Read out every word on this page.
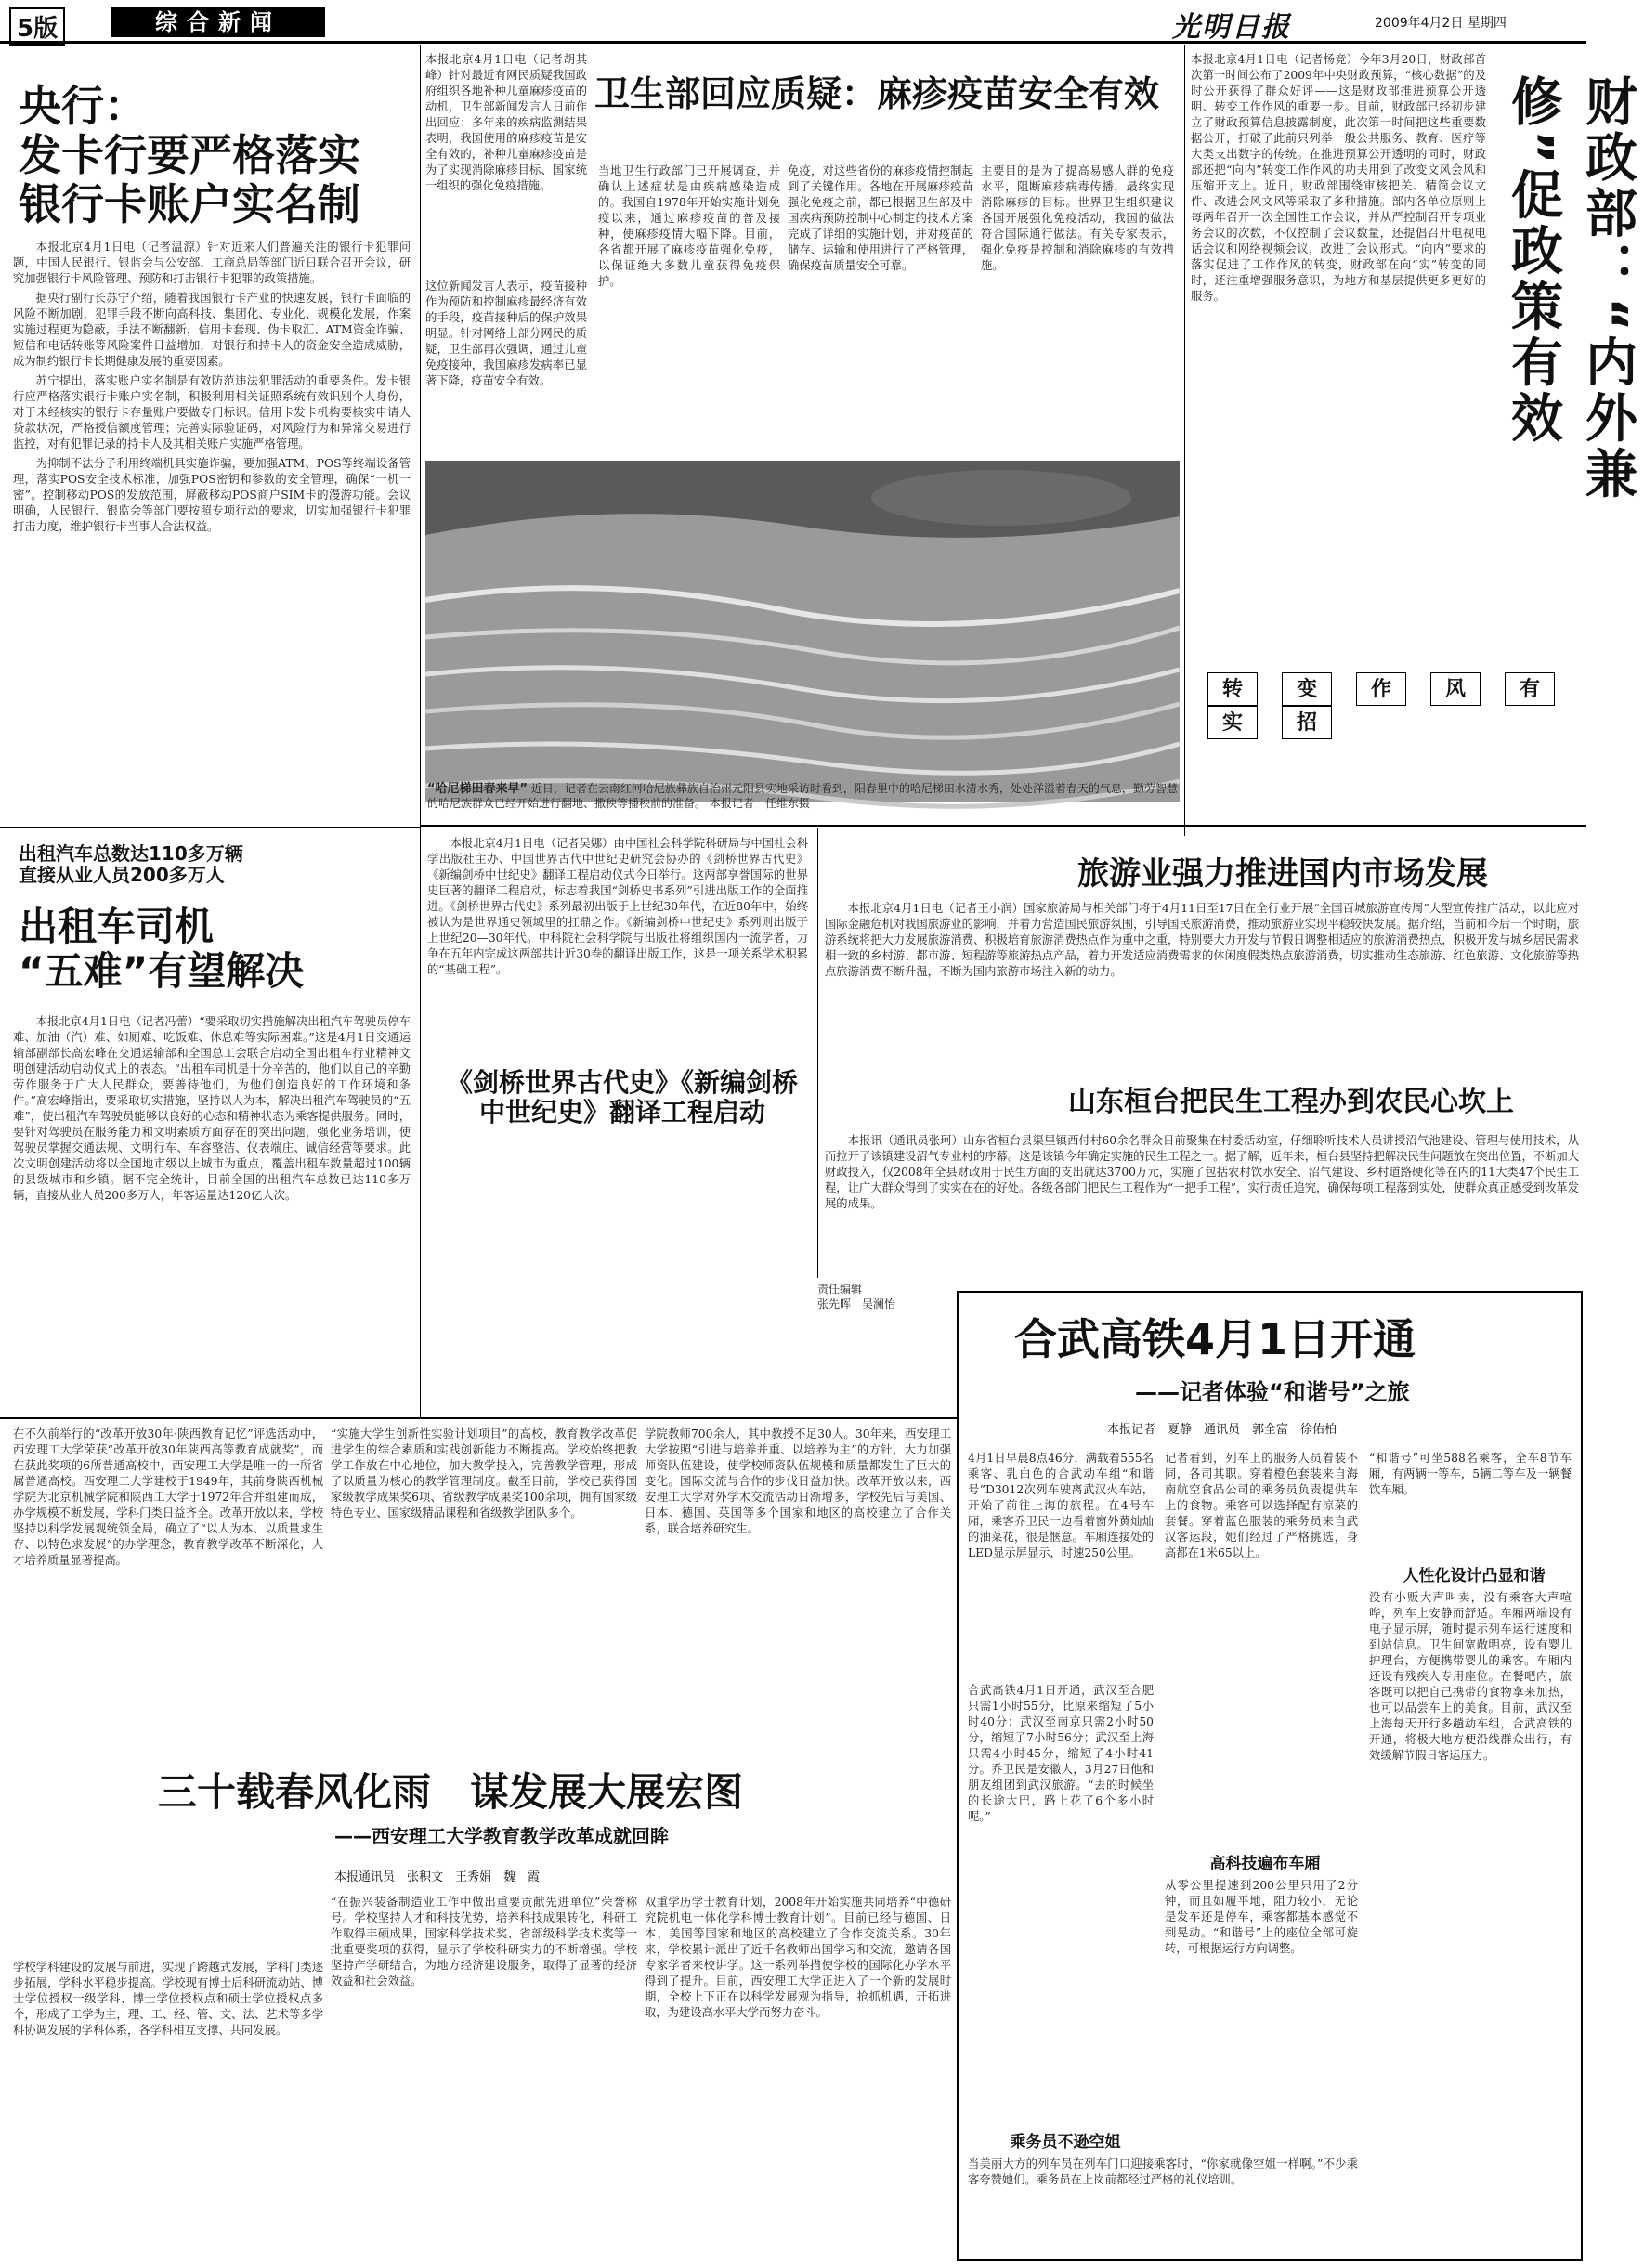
5版	综合新闻	光明日报	2009年4月2日 星期四
央行：
发卡行要严格落实
银行卡账户实名制

本报北京4月1日电（记者温源）针对近来人们普遍关注的银行卡犯罪问题，中国人民银行、银监会与公安部、工商总局等部门近日联合召开会议，研究加强银行卡风险管理、预防和打击银行卡犯罪的政策措施。

据央行副行长苏宁介绍，随着我国银行卡产业的快速发展，银行卡面临的风险不断加剧，犯罪手段不断向高科技、集团化、专业化、规模化发展，作案实施过程更为隐蔽，手法不断翻新，信用卡套现、伪卡取汇、ATM资金诈骗、短信和电话转账等风险案件日益增加，对银行和持卡人的资金安全造成威胁，成为制约银行卡长期健康发展的重要因素。

苏宁提出，落实账户实名制是有效防范违法犯罪活动的重要条件。发卡银行应严格落实银行卡账户实名制，积极利用相关证照系统有效识别个人身份，对于未经核实的银行卡存量账户要做专门标识。信用卡发卡机构要核实申请人贷款状况，严格授信额度管理；完善实际验证码，对风险行为和异常交易进行监控，对有犯罪记录的持卡人及其相关账户实施严格管理。

为抑制不法分子利用终端机具实施诈骗，要加强ATM、POS等终端设备管理，落实POS安全技术标准，加强POS密钥和参数的安全管理，确保“一机一密”。控制移动POS的发放范围，屏蔽移动POS商户SIM卡的漫游功能。会议明确，人民银行、银监会等部门要按照专项行动的要求，切实加强银行卡犯罪打击力度，维护银行卡当事人合法权益。

卫生部回应质疑：麻疹疫苗安全有效
本报北京4月1日电（记者胡其峰）针对最近有网民质疑我国政府组织各地补种儿童麻疹疫苗的动机，卫生部新闻发言人日前作出回应：多年来的疾病监测结果表明，我国使用的麻疹疫苗是安全有效的，补种儿童麻疹疫苗是为了实现消除麻疹目标、国家统一组织的强化免疫措施。
这位新闻发言人表示，疫苗接种作为预防和控制麻疹最经济有效的手段，疫苗接种后的保护效果明显。针对网络上部分网民的质疑，卫生部再次强调，通过儿童免疫接种，我国麻疹发病率已显著下降，疫苗安全有效。
当地卫生行政部门已开展调查，并确认上述症状是由疾病感染造成的。我国自1978年开始实施计划免疫以来，通过麻疹疫苗的普及接种，使麻疹疫情大幅下降。目前，各省都开展了麻疹疫苗强化免疫，以保证绝大多数儿童获得免疫保护。
免疫，对这些省份的麻疹疫情控制起到了关键作用。各地在开展麻疹疫苗强化免疫之前，都已根据卫生部及中国疾病预防控制中心制定的技术方案完成了详细的实施计划，并对疫苗的储存、运输和使用进行了严格管理，确保疫苗质量安全可靠。
主要目的是为了提高易感人群的免疫水平，阻断麻疹病毒传播，最终实现消除麻疹的目标。世界卫生组织建议各国开展强化免疫活动，我国的做法符合国际通行做法。有关专家表示，强化免疫是控制和消除麻疹的有效措施。
“哈尼梯田春来早” 近日，记者在云南红河哈尼族彝族自治州元阳县实地采访时看到，阳春里中的哈尼梯田水清水秀，处处洋溢着春天的气息，勤劳智慧的哈尼族群众已经开始进行翻地、撒秧等播秧前的准备。 本报记者　任维东摄
财政部：“内外兼修”促政策有效
本报北京4月1日电（记者杨竞）今年3月20日，财政部首次第一时间公布了2009年中央财政预算，“核心数据”的及时公开获得了群众好评——这是财政部推进预算公开透明、转变工作作风的重要一步。目前，财政部已经初步建立了财政预算信息披露制度，此次第一时间把这些重要数据公开，打破了此前只列举一般公共服务、教育、医疗等大类支出数字的传统。在推进预算公开透明的同时，财政部还把“向内”转变工作作风的功夫用到了改变文风会风和压缩开支上。近日，财政部围绕审核把关、精简会议文件、改进会风文风等采取了多种措施。部内各单位原则上每两年召开一次全国性工作会议，并从严控制召开专项业务会议的次数，不仅控制了会议数量，还提倡召开电视电话会议和网络视频会议，改进了会议形式。“向内”要求的落实促进了工作作风的转变，财政部在向“实”转变的同时，还注重增强服务意识，为地方和基层提供更多更好的服务。
转	变	作	风	有实	招
出租汽车总数达110多万辆
直接从业人员200多万人
出租车司机
“五难”有望解决
本报北京4月1日电（记者冯蕾）“要采取切实措施解决出租汽车驾驶员停车难、加油（汽）难、如厕难、吃饭难、休息难等实际困难。”这是4月1日交通运输部副部长高宏峰在交通运输部和全国总工会联合启动全国出租车行业精神文明创建活动启动仪式上的表态。“出租车司机是十分辛苦的，他们以自己的辛勤劳作服务于广大人民群众，要善待他们，为他们创造良好的工作环境和条件。”高宏峰指出，要采取切实措施，坚持以人为本，解决出租汽车驾驶员的“五难”，使出租汽车驾驶员能够以良好的心态和精神状态为乘客提供服务。同时，要针对驾驶员在服务能力和文明素质方面存在的突出问题，强化业务培训，使驾驶员掌握交通法规、文明行车、车容整洁、仪表端庄、诚信经营等要求。此次文明创建活动将以全国地市级以上城市为重点，覆盖出租车数量超过100辆的县级城市和乡镇。据不完全统计，目前全国的出租汽车总数已达110多万辆，直接从业人员200多万人，年客运量达120亿人次。
本报北京4月1日电（记者吴娜）由中国社会科学院科研局与中国社会科学出版社主办、中国世界古代中世纪史研究会协办的《剑桥世界古代史》《新编剑桥中世纪史》翻译工程启动仪式今日举行。这两部享誉国际的世界史巨著的翻译工程启动，标志着我国“剑桥史书系列”引进出版工作的全面推进。《剑桥世界古代史》系列最初出版于上世纪30年代，在近80年中，始终被认为是世界通史领域里的扛鼎之作。《新编剑桥中世纪史》系列则出版于上世纪20—30年代。中科院社会科学院与出版社将组织国内一流学者，力争在五年内完成这两部共计近30卷的翻译出版工作，这是一项关系学术积累的“基础工程”。
《剑桥世界古代史》《新编剑桥中世纪史》翻译工程启动
责任编辑
张先晖　吴澜怡
旅游业强力推进国内市场发展
本报北京4月1日电（记者王小润）国家旅游局与相关部门将于4月11日至17日在全行业开展“全国百城旅游宣传周”大型宣传推广活动，以此应对国际金融危机对我国旅游业的影响，并着力营造国民旅游氛围，引导国民旅游消费，推动旅游业实现平稳较快发展。据介绍，当前和今后一个时期，旅游系统将把大力发展旅游消费、积极培育旅游消费热点作为重中之重，特别要大力开发与节假日调整相适应的旅游消费热点，积极开发与城乡居民需求相一致的乡村游、都市游、短程游等旅游热点产品，着力开发适应消费需求的休闲度假类热点旅游消费，切实推动生态旅游、红色旅游、文化旅游等热点旅游消费不断升温，不断为国内旅游市场注入新的动力。
山东桓台把民生工程办到农民心坎上
本报讯（通讯员张珂）山东省桓台县渠里镇西付村60余名群众日前聚集在村委活动室，仔细聆听技术人员讲授沼气池建设、管理与使用技术，从而拉开了该镇建设沼气专业村的序幕。这是该镇今年确定实施的民生工程之一。据了解，近年来，桓台县坚持把解决民生问题放在突出位置，不断加大财政投入，仅2008年全县财政用于民生方面的支出就达3700万元，实施了包括农村饮水安全、沼气建设、乡村道路硬化等在内的11大类47个民生工程，让广大群众得到了实实在在的好处。各级各部门把民生工程作为“一把手工程”，实行责任追究，确保每项工程落到实处，使群众真正感受到改革发展的成果。
合武高铁4月1日开通
——记者体验“和谐号”之旅
本报记者　夏静　通讯员　郭全富　徐佑柏
4月1日早晨8点46分，满载着555名乘客、乳白色的合武动车组“和谐号”D3012次列车驶离武汉火车站，开始了前往上海的旅程。在4号车厢，乘客乔卫民一边看着窗外黄灿灿的油菜花，很是惬意。车厢连接处的LED显示屏显示，时速250公里。
合武高铁4月1日开通，武汉至合肥只需1小时55分，比原来缩短了5小时40分；武汉至南京只需2小时50分，缩短了7小时56分；武汉至上海只需4小时45分，缩短了4小时41分。乔卫民是安徽人，3月27日他和朋友组团到武汉旅游。“去的时候坐的长途大巴，路上花了6个多小时呢。”
记者看到，列车上的服务人员着装不同，各司其职。穿着橙色套装来自海南航空食品公司的乘务员负责提供车上的食物。乘客可以选择配有凉菜的套餐。穿着蓝色服装的乘务员来自武汉客运段，她们经过了严格挑选，身高都在1米65以上。
高科技遍布车厢
从零公里提速到200公里只用了2分钟，而且如履平地，阻力较小，无论是发车还是停车，乘客都基本感觉不到晃动。“和谐号”上的座位全部可旋转，可根据运行方向调整。
乘务员不逊空姐
当美丽大方的列车员在列车门口迎接乘客时，“你家就像空姐一样啊。”不少乘客夸赞她们。乘务员在上岗前都经过严格的礼仪培训。
“和谐号”可坐588名乘客，全车8节车厢，有两辆一等车，5辆二等车及一辆餐饮车厢。
人性化设计凸显和谐
没有小贩大声叫卖，没有乘客大声喧哗，列车上安静而舒适。车厢两端设有电子显示屏，随时提示列车运行速度和到站信息。卫生间宽敞明亮，设有婴儿护理台，方便携带婴儿的乘客。车厢内还设有残疾人专用座位。在餐吧内，旅客既可以把自己携带的食物拿来加热，也可以品尝车上的美食。目前，武汉至上海每天开行多趟动车组，合武高铁的开通，将极大地方便沿线群众出行，有效缓解节假日客运压力。
在不久前举行的“改革开放30年·陕西教育记忆”评选活动中，西安理工大学荣获“改革开放30年陕西高等教育成就奖”，而在获此奖项的6所普通高校中，西安理工大学是唯一的一所省属普通高校。西安理工大学建校于1949年，其前身陕西机械学院为北京机械学院和陕西工大学于1972年合并组建而成，办学规模不断发展，学科门类日益齐全。改革开放以来，学校坚持以科学发展观统领全局，确立了“以人为本、以质量求生存、以特色求发展”的办学理念，教育教学改革不断深化，人才培养质量显著提高。
“实施大学生创新性实验计划项目”的高校，教育教学改革促进学生的综合素质和实践创新能力不断提高。学校始终把教学工作放在中心地位，加大教学投入，完善教学管理，形成了以质量为核心的教学管理制度。截至目前，学校已获得国家级教学成果奖6项、省级教学成果奖100余项，拥有国家级特色专业、国家级精品课程和省级教学团队多个。
学院教师700余人，其中教授不足30人。30年来，西安理工大学按照“引进与培养并重、以培养为主”的方针，大力加强师资队伍建设，使学校师资队伍规模和质量都发生了巨大的变化。国际交流与合作的步伐日益加快。改革开放以来，西安理工大学对外学术交流活动日渐增多，学校先后与美国、日本、德国、英国等多个国家和地区的高校建立了合作关系，联合培养研究生。
三十载春风化雨　谋发展大展宏图
——西安理工大学教育教学改革成就回眸
本报通讯员　张积文　王秀娟　魏　霞
学校学科建设的发展与前进，实现了跨越式发展，学科门类逐步拓展，学科水平稳步提高。学校现有博士后科研流动站、博士学位授权一级学科、博士学位授权点和硕士学位授权点多个，形成了工学为主，理、工、经、管、文、法、艺术等多学科协调发展的学科体系，各学科相互支撑、共同发展。
“在振兴装备制造业工作中做出重要贡献先进单位”荣誉称号。学校坚持人才和科技优势，培养科技成果转化，科研工作取得丰硕成果，国家科学技术奖、省部级科学技术奖等一批重要奖项的获得，显示了学校科研实力的不断增强。学校坚持产学研结合，为地方经济建设服务，取得了显著的经济效益和社会效益。
双重学历学士教育计划，2008年开始实施共同培养“中德研究院机电一体化学科博士教育计划”。目前已经与德国、日本、美国等国家和地区的高校建立了合作交流关系。30年来，学校累计派出了近千名教师出国学习和交流，邀请各国专家学者来校讲学。这一系列举措使学校的国际化办学水平得到了提升。目前，西安理工大学正进入了一个新的发展时期，全校上下正在以科学发展观为指导，抢抓机遇，开拓进取，为建设高水平大学而努力奋斗。
